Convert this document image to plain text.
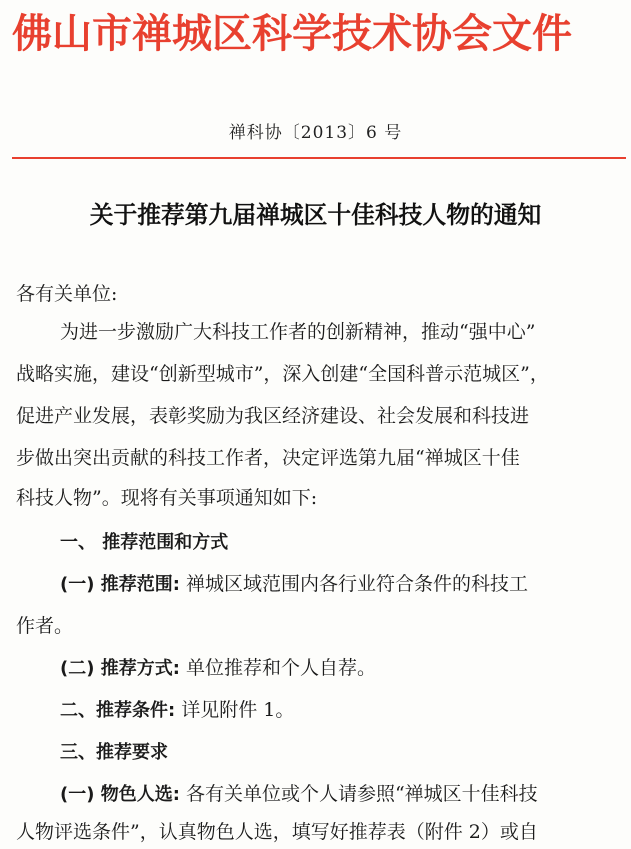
佛山市禅城区科学技术协会文件
禅科协〔2013〕6 号
关于推荐第九届禅城区十佳科技人物的通知
各有关单位:
为进一步激励广大科技工作者的创新精神，推动“强中心”
战略实施，建设“创新型城市”，深入创建“全国科普示范城区”，
促进产业发展，表彰奖励为我区经济建设、社会发展和科技进
步做出突出贡献的科技工作者，决定评选第九届“禅城区十佳
科技人物”。现将有关事项通知如下:
一、 推荐范围和方式
(一) 推荐范围: 禅城区域范围内各行业符合条件的科技工
作者。
(二) 推荐方式: 单位推荐和个人自荐。
二、推荐条件: 详见附件 1。
三、推荐要求
(一) 物色人选: 各有关单位或个人请参照“禅城区十佳科技
人物评选条件”，认真物色人选，填写好推荐表（附件 2）或自
